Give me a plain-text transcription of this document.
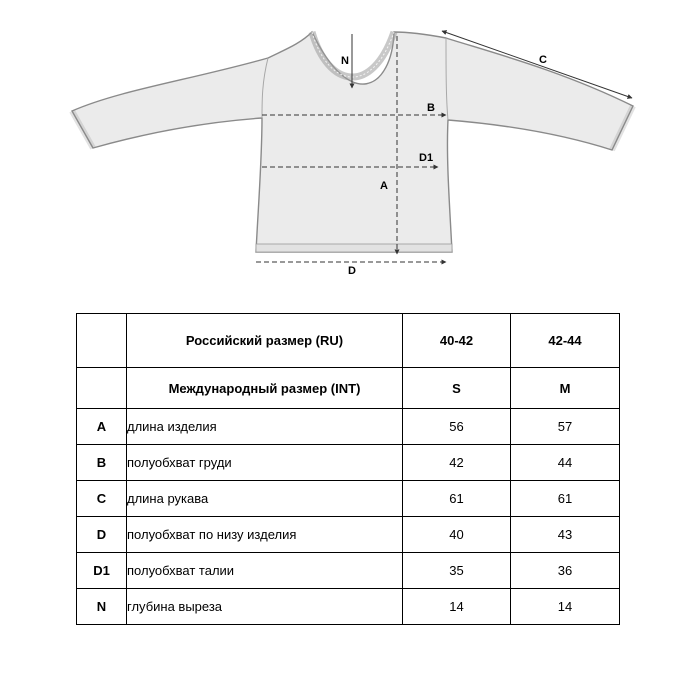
N
B
C
D1
A
D
	Российский размер (RU)	40-42	42-44
	Международный размер (INT)	S	M
A	длина изделия	56	57
B	полуобхват груди	42	44
C	длина рукава	61	61
D	полуобхват по низу изделия	40	43
D1	полуобхват талии	35	36
N	глубина выреза	14	14
